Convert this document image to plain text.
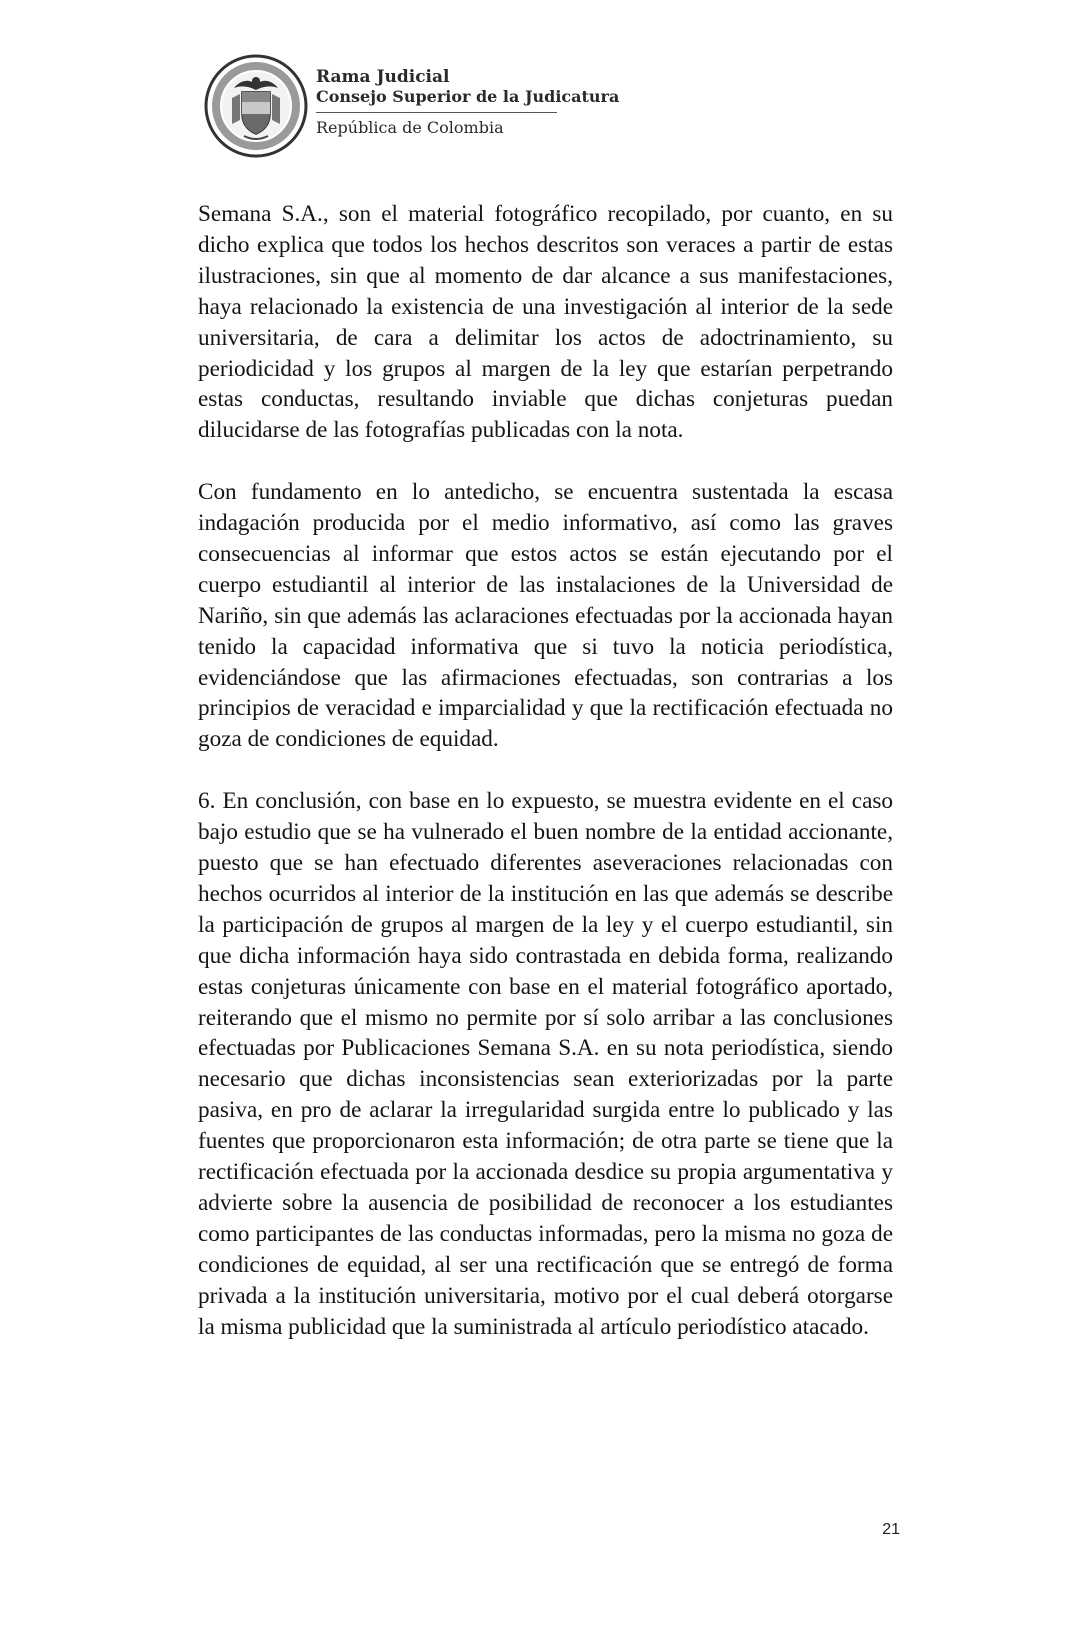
Rama Judicial
Consejo Superior de la Judicatura
República de Colombia

Semana S.A., son el material fotográfico recopilado, por cuanto, en su dicho explica que todos los hechos descritos son veraces a partir de estas ilustraciones, sin que al momento de dar alcance a sus manifestaciones, haya relacionado la existencia de una investigación al interior de la sede universitaria, de cara a delimitar los actos de adoctrinamiento, su periodicidad y los grupos al margen de la ley que estarían perpetrando estas conductas, resultando inviable que dichas conjeturas puedan dilucidarse de las fotografías publicadas con la nota.

Con fundamento en lo antedicho, se encuentra sustentada la escasa indagación producida por el medio informativo, así como las graves consecuencias al informar que estos actos se están ejecutando por el cuerpo estudiantil al interior de las instalaciones de la Universidad de Nariño, sin que además las aclaraciones efectuadas por la accionada hayan tenido la capacidad informativa que si tuvo la noticia periodística, evidenciándose que las afirmaciones efectuadas, son contrarias a los principios de veracidad e imparcialidad y que la rectificación efectuada no goza de condiciones de equidad.

6. En conclusión, con base en lo expuesto, se muestra evidente en el caso bajo estudio que se ha vulnerado el buen nombre de la entidad accionante, puesto que se han efectuado diferentes aseveraciones relacionadas con hechos ocurridos al interior de la institución en las que además se describe la participación de grupos al margen de la ley y el cuerpo estudiantil, sin que dicha información haya sido contrastada en debida forma, realizando estas conjeturas únicamente con base en el material fotográfico aportado, reiterando que el mismo no permite por sí solo arribar a las conclusiones efectuadas por Publicaciones Semana S.A. en su nota periodística, siendo necesario que dichas inconsistencias sean exteriorizadas por la parte pasiva, en pro de aclarar la irregularidad surgida entre lo publicado y las fuentes que proporcionaron esta información; de otra parte se tiene que la rectificación efectuada por la accionada desdice su propia argumentativa y advierte sobre la ausencia de posibilidad de reconocer a los estudiantes como participantes de las conductas informadas, pero la misma no goza de condiciones de equidad, al ser una rectificación que se entregó de forma privada a la institución universitaria, motivo por el cual deberá otorgarse la misma publicidad que la suministrada al artículo periodístico atacado.

21
